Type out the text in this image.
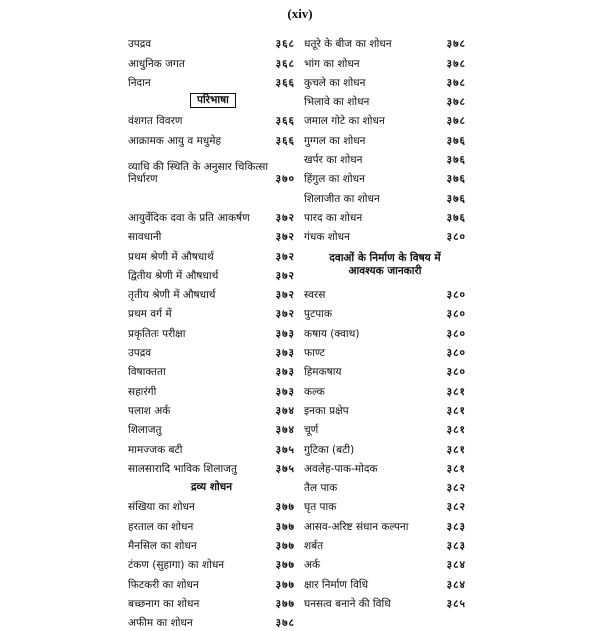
(xiv)
उपद्रव	३६८
आधुनिक जगत	३६८
निदान	३६६
परिभाषा
वंशगत विवरण	३६६
आक्रामक आयु व मधुमेह	३६६
व्याधि की स्थिति के अनुसार चिकित्सा निर्धारण	३७०
आयुर्वेदिक दवा के प्रति आकर्षण	३७२
सावधानी	३७२
प्रथम श्रेणी में औषधार्थ	३७२
द्वितीय श्रेणी में औषधार्थ	३७२
तृतीय श्रेणी में औषधार्थ	३७२
प्रथम वर्ग में	३७२
प्रकृतितः परीक्षा	३७३
उपद्रव	३७३
विषाक्तता	३७३
सहारंगी	३७३
पलाश अर्क	३७४
शिलाजतु	३७४
मामज्जक बटी	३७५
सालसारादि भाविक शिलाजतु	३७५
द्रव्य शोधन
संखिया का शोधन	३७७
हरताल का शोधन	३७७
मैनसिल का शोधन	३७७
टंकण (सुहागा) का शोधन	३७७
फिटकरी का शोधन	३७७
बच्छनाग का शोधन	३७७
अफीम का शोधन	३७८
धतूरे के बीज का शोधन	३७८
भांग का शोधन	३७८
कुचले का शोधन	३७८
भिलावे का शोधन	३७८
जमाल गोटे का शोधन	३७८
गुग्गल का शोधन	३७६
खर्पर का शोधन	३७६
हिंगुल का शोधन	३७६
शिलाजीत का शोधन	३७६
पारद का शोधन	३७६
गंधक शोधन	३८०
दवाओं के निर्माण के विषय में
आवश्यक जानकारी
स्वरस	३८०
पुटपाक	३८०
कषाय (क्वाथ)	३८०
फाण्ट	३८०
हिमकषाय	३८०
कल्क	३८१
इनका प्रक्षेप	३८१
चूर्ण	३८१
गुटिका (बटी)	३८१
अवलेह-पाक-मोदक	३८१
तैल पाक	३८२
घृत पाक	३८२
आसव-अरिष्ट संधान कल्पना	३८३
शर्बत	३८३
अर्क	३८४
क्षार निर्माण विधि	३८४
घनसत्व बनाने की विधि	३८५
